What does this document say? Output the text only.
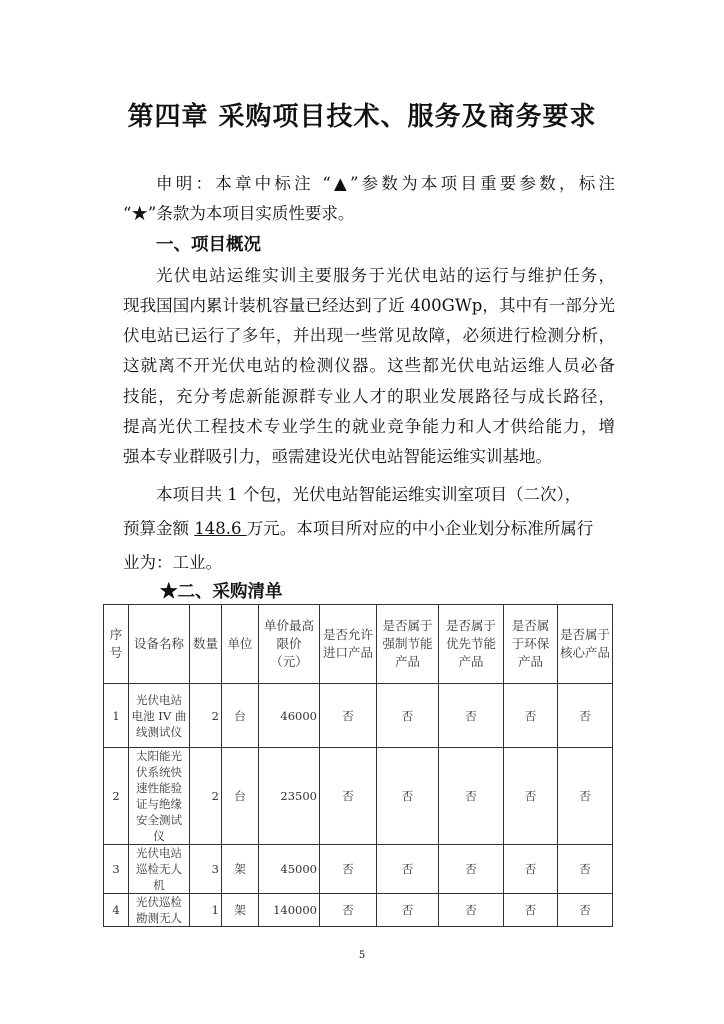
第四章 采购项目技术、服务及商务要求
申明：本章中标注 “▲”参数为本项目重要参数，标注
“★”条款为本项目实质性要求。
一、项目概况
光伏电站运维实训主要服务于光伏电站的运行与维护任务，
现我国国内累计装机容量已经达到了近 400GWp，其中有一部分光
伏电站已运行了多年，并出现一些常见故障，必须进行检测分析，
这就离不开光伏电站的检测仪器。这些都光伏电站运维人员必备
技能，充分考虑新能源群专业人才的职业发展路径与成长路径，
提高光伏工程技术专业学生的就业竞争能力和人才供给能力，增
强本专业群吸引力，亟需建设光伏电站智能运维实训基地。
本项目共 1 个包，光伏电站智能运维实训室项目（二次），
预算金额 148.6 万元。本项目所对应的中小企业划分标准所属行
业为：工业。
★二、采购清单
序号	设备名称	数量	单位	单价最高限价（元）	是否允许进口产品	是否属于强制节能产品	是否属于优先节能产品	是否属于环保产品	是否属于核心产品
1	光伏电站电池 IV 曲线测试仪	2	台	46000	否	否	否	否	否
2	太阳能光伏系统快速性能验证与绝缘安全测试仪	2	台	23500	否	否	否	否	否
3	光伏电站巡检无人机	3	架	45000	否	否	否	否	否
4	光伏巡检勘测无人	1	架	140000	否	否	否	否	否
5
